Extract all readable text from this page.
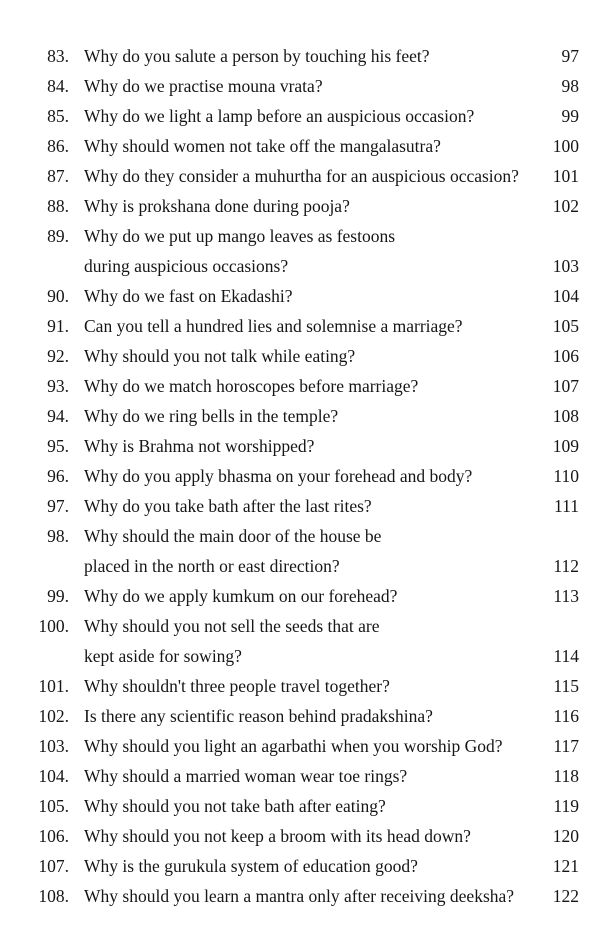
83. Why do you salute a person by touching his feet?	97
84. Why do we practise mouna vrata?	98
85. Why do we light a lamp before an auspicious occasion?	99
86. Why should women not take off the mangalasutra?	100
87. Why do they consider a muhurtha for an auspicious occasion?	101
88. Why is prokshana done during pooja?	102
89. Why do we put up mango leaves as festoons
during auspicious occasions?	103
90. Why do we fast on Ekadashi?	104
91. Can you tell a hundred lies and solemnise a marriage?	105
92. Why should you not talk while eating?	106
93. Why do we match horoscopes before marriage?	107
94. Why do we ring bells in the temple?	108
95. Why is Brahma not worshipped?	109
96. Why do you apply bhasma on your forehead and body?	110
97. Why do you take bath after the last rites?	111
98. Why should the main door of the house be
placed in the north or east direction?	112
99. Why do we apply kumkum on our forehead?	113
100. Why should you not sell the seeds that are
kept aside for sowing?	114
101. Why shouldn't three people travel together?	115
102. Is there any scientific reason behind pradakshina?	116
103. Why should you light an agarbathi when you worship God?	117
104. Why should a married woman wear toe rings?	118
105. Why should you not take bath after eating?	119
106. Why should you not keep a broom with its head down?	120
107. Why is the gurukula system of education good?	121
108. Why should you learn a mantra only after receiving deeksha?	122
